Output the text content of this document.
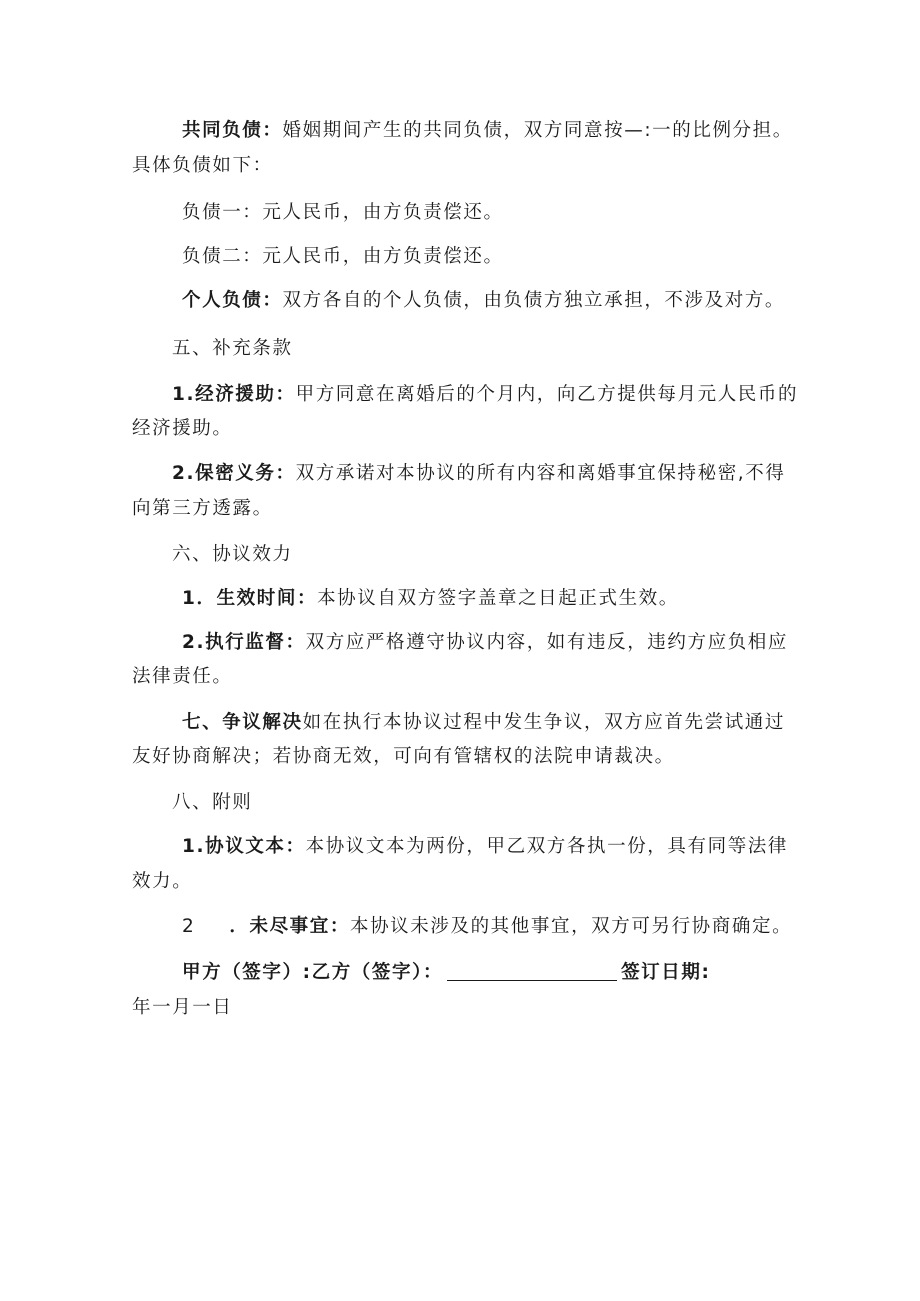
共同负债：婚姻期间产生的共同负债，双方同意按—:一的比例分担。
具体负债如下：
负债一：元人民币，由方负责偿还。
负债二：元人民币，由方负责偿还。
个人负债：双方各自的个人负债，由负债方独立承担，不涉及对方。
五、补充条款
1.经济援助：甲方同意在离婚后的个月内，向乙方提供每月元人民币的
经济援助。
2.保密义务：双方承诺对本协议的所有内容和离婚事宜保持秘密,不得
向第三方透露。
六、协议效力
1．生效时间：本协议自双方签字盖章之日起正式生效。
2.执行监督：双方应严格遵守协议内容，如有违反，违约方应负相应
法律责任。
七、争议解决如在执行本协议过程中发生争议，双方应首先尝试通过
友好协商解决；若协商无效，可向有管辖权的法院申请裁决。
八、附则
1.协议文本：本协议文本为两份，甲乙双方各执一份，具有同等法律
效力。
2 ．未尽事宜：本协议未涉及的其他事宜，双方可另行协商确定。
甲方（签字）:乙方（签字）：	签订日期:
年一月一日
